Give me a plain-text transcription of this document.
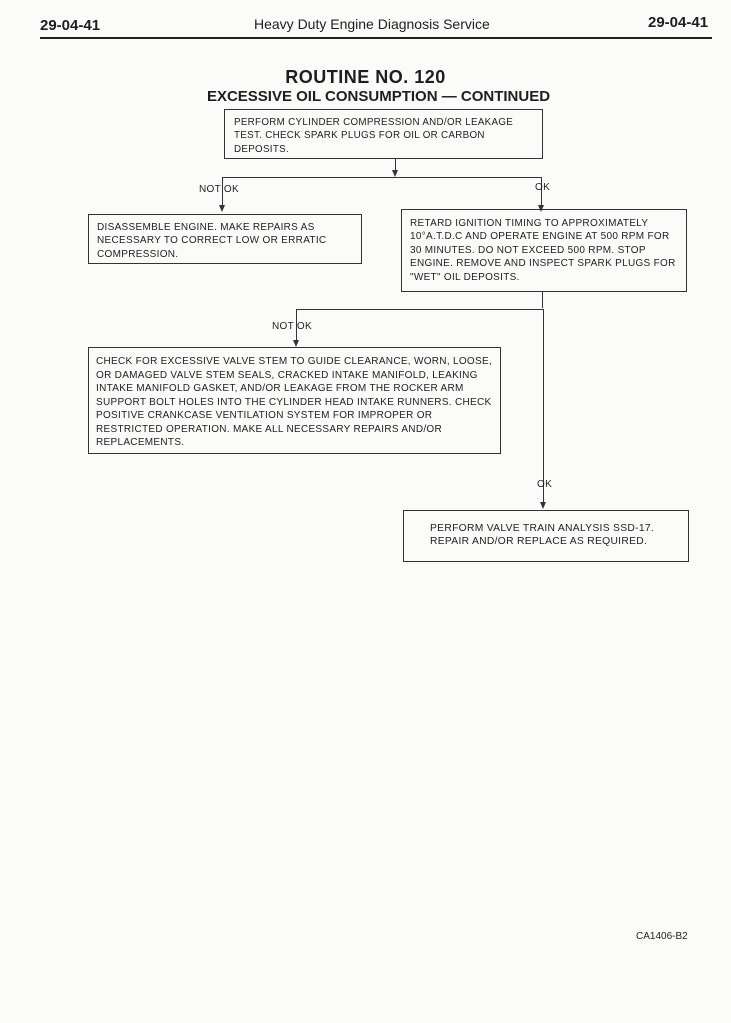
29-04-41	Heavy Duty Engine Diagnosis Service	29-04-41
ROUTINE NO. 120
EXCESSIVE OIL CONSUMPTION — CONTINUED
PERFORM CYLINDER COMPRESSION AND/OR LEAKAGE TEST. CHECK SPARK PLUGS FOR OIL OR CARBON DEPOSITS.
NOT OK	OK
DISASSEMBLE ENGINE. MAKE REPAIRS AS NECESSARY TO CORRECT LOW OR ERRATIC COMPRESSION.
RETARD IGNITION TIMING TO APPROXIMATELY 10°A.T.D.C AND OPERATE ENGINE AT 500 RPM FOR 30 MINUTES. DO NOT EXCEED 500 RPM. STOP ENGINE. REMOVE AND INSPECT SPARK PLUGS FOR "WET" OIL DEPOSITS.
NOT OK
CHECK FOR EXCESSIVE VALVE STEM TO GUIDE CLEARANCE, WORN, LOOSE, OR DAMAGED VALVE STEM SEALS, CRACKED INTAKE MANIFOLD, LEAKING INTAKE MANIFOLD GASKET, AND/OR LEAKAGE FROM THE ROCKER ARM SUPPORT BOLT HOLES INTO THE CYLINDER HEAD INTAKE RUNNERS. CHECK POSITIVE CRANKCASE VENTILATION SYSTEM FOR IMPROPER OR RESTRICTED OPERATION. MAKE ALL NECESSARY REPAIRS AND/OR REPLACEMENTS.
OK
PERFORM VALVE TRAIN ANALYSIS SSD-17. REPAIR AND/OR REPLACE AS REQUIRED.
CA1406-B2
